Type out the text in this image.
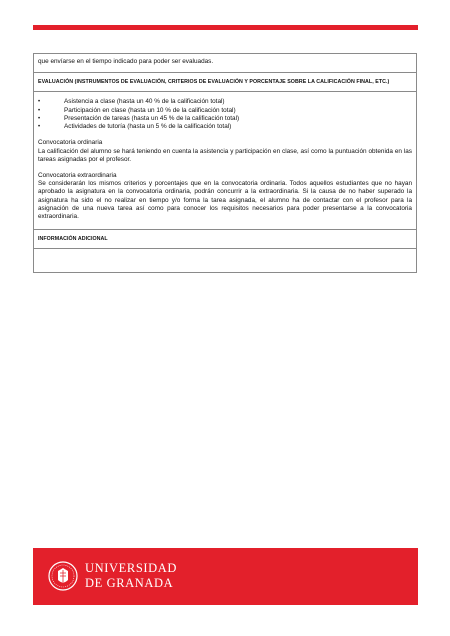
que envíarse en el tiempo indicado para poder ser evaluadas.
EVALUACIÓN (INSTRUMENTOS DE EVALUACIÓN, CRITERIOS DE EVALUACIÓN Y PORCENTAJE SOBRE LA CALIFICACIÓN FINAL, ETC.)
• Asistencia a clase (hasta un 40 % de la calificación total)
• Participación en clase (hasta un 10 % de la calificación total)
• Presentación de tareas (hasta un 45 % de la calificación total)
• Actividades de tutoría (hasta un 5 % de la calificación total)
Convocatoria ordinaria
La calificación del alumno se hará teniendo en cuenta la asistencia y participación en clase, así como la puntuación obtenida en las tareas asignadas por el profesor.
Convocatoria extraordinaria
Se considerarán los mismos criterios y porcentajes que en la convocatoria ordinaria. Todos aquellos estudiantes que no hayan aprobado la asignatura en la convocatoria ordinaria, podrán concurrir a la extraordinaria. Si la causa de no haber superado la asignatura ha sido el no realizar en tiempo y/o forma la tarea asignada, el alumno ha de contactar con el profesor para la asignación de una nueva tarea así como para conocer los requisitos necesarios para poder presentarse a la convocatoria extraordinaria.
INFORMACIÓN ADICIONAL
UNIVERSIDAD
DE GRANADA
